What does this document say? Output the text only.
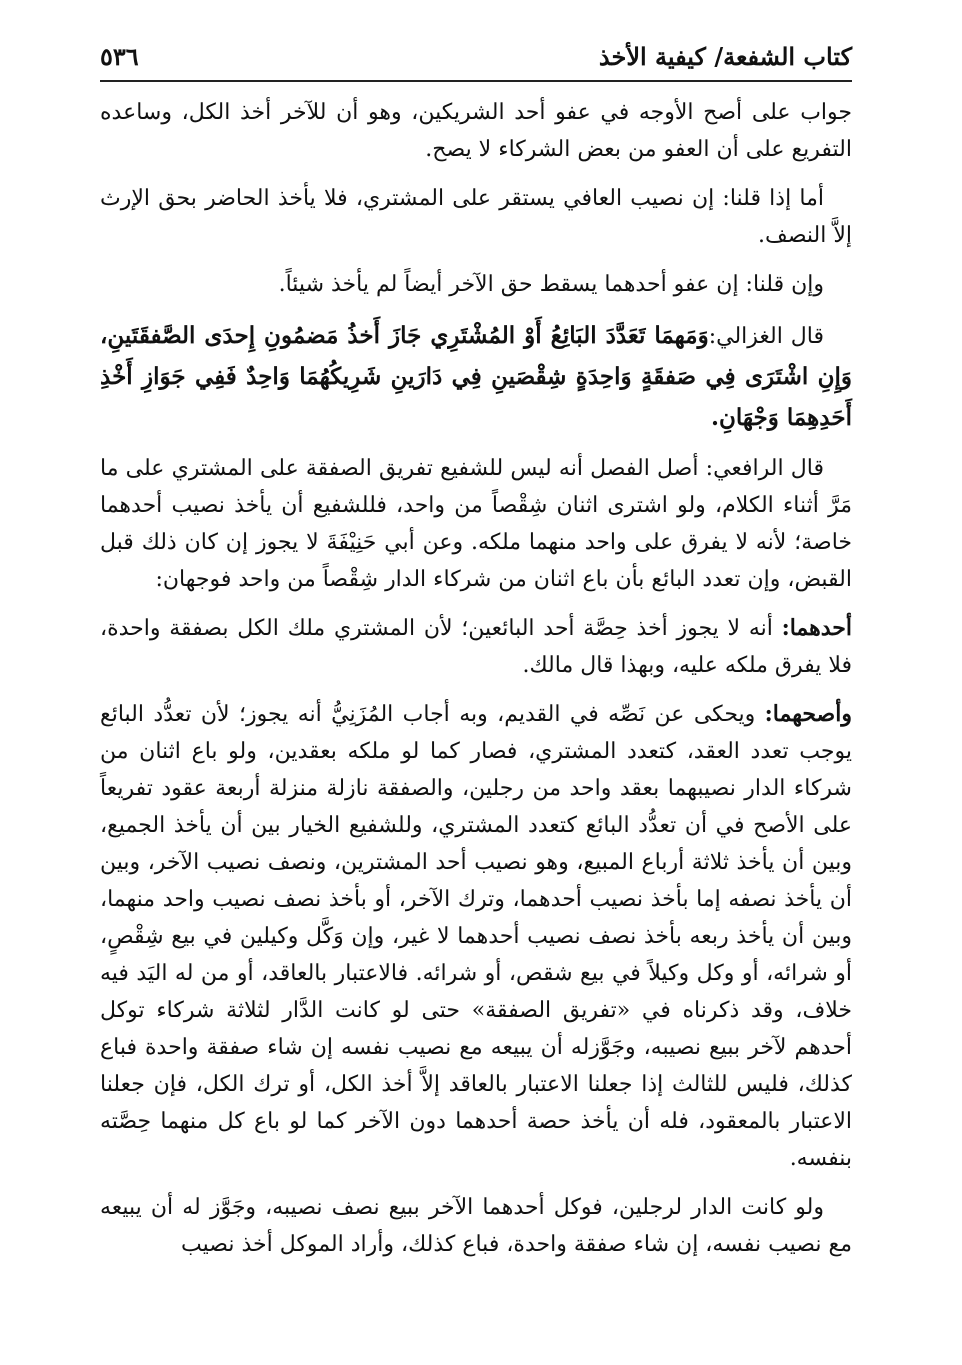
كتاب الشفعة/ كيفية الأخذ
٥٣٦

جواب على أصح الأوجه في عفو أحد الشريكين، وهو أن للآخر أخذ الكل، وساعده التفريع على أن العفو من بعض الشركاء لا يصح.

أما إذا قلنا: إن نصيب العافي يستقر على المشتري، فلا يأخذ الحاضر بحق الإرث إلاَّ النصف.

وإن قلنا: إن عفو أحدهما يسقط حق الآخر أيضاً لم يأخذ شيئاً.

قال الغزالي:وَمَهمَا تَعَدَّدَ البَائِعُ أَوْ المُشْتَرِي جَازَ أَخذُ مَضمُونِ إِحدَى الصَّفقَتَينِ، وَإِنِ اشْتَرَى فِي صَفقَةٍ وَاحِدَةٍ شِقْصَينِ فِي دَارَينِ شَرِيكُهُمَا وَاحِدٌ فَفِي جَوَازِ أَخْذِ أَحَدِهِمَا وَجْهَانِ.

قال الرافعي: أصل الفصل أنه ليس للشفيع تفريق الصفقة على المشتري على ما مَرَّ أثناء الكلام، ولو اشترى اثنان شِقْصاً من واحد، فللشفيع أن يأخذ نصيب أحدهما خاصة؛ لأنه لا يفرق على واحد منهما ملكه. وعن أبي حَنِيْفَةَ لا يجوز إن كان ذلك قبل القبض، وإن تعدد البائع بأن باع اثنان من شركاء الدار شِقْصاً من واحد فوجهان:

أحدهما: أنه لا يجوز أخذ حِصَّة أحد البائعين؛ لأن المشتري ملك الكل بصفقة واحدة، فلا يفرق ملكه عليه، وبهذا قال مالك.

وأصحهما: ويحكى عن نَصِّه في القديم، وبه أجاب المُزَنِيُّ أنه يجوز؛ لأن تعدُّد البائع يوجب تعدد العقد، كتعدد المشتري، فصار كما لو ملكه بعقدين، ولو باع اثنان من شركاء الدار نصيبهما بعقد واحد من رجلين، والصفقة نازلة منزلة أربعة عقود تفريعاً على الأصح في أن تعدُّد البائع كتعدد المشتري، وللشفيع الخيار بين أن يأخذ الجميع، وبين أن يأخذ ثلاثة أرباع المبيع، وهو نصيب أحد المشترين، ونصف نصيب الآخر، وبين أن يأخذ نصفه إما بأخذ نصيب أحدهما، وترك الآخر، أو بأخذ نصف نصيب واحد منهما، وبين أن يأخذ ربعه بأخذ نصف نصيب أحدهما لا غير، وإن وَكَّل وكيلين في بيع شِقْصٍ، أو شرائه، أو وكل وكيلاً في بيع شقص، أو شرائه. فالاعتبار بالعاقد، أو من له اليَد فيه خلاف، وقد ذكرناه في «تفريق الصفقة» حتى لو كانت الدَّار لثلاثة شركاء توكل أحدهم لآخر ببيع نصيبه، وجَوَّزله أن يبيعه مع نصيب نفسه إن شاء صفقة واحدة فباع كذلك، فليس للثالث إذا جعلنا الاعتبار بالعاقد إلاَّ أخذ الكل، أو ترك الكل، فإن جعلنا الاعتبار بالمعقود، فله أن يأخذ حصة أحدهما دون الآخر كما لو باع كل منهما حِصَّته بنفسه.

ولو كانت الدار لرجلين، فوكل أحدهما الآخر ببيع نصف نصيبه، وجَوَّز له أن يبيعه مع نصيب نفسه، إن شاء صفقة واحدة، فباع كذلك، وأراد الموكل أخذ نصيب
